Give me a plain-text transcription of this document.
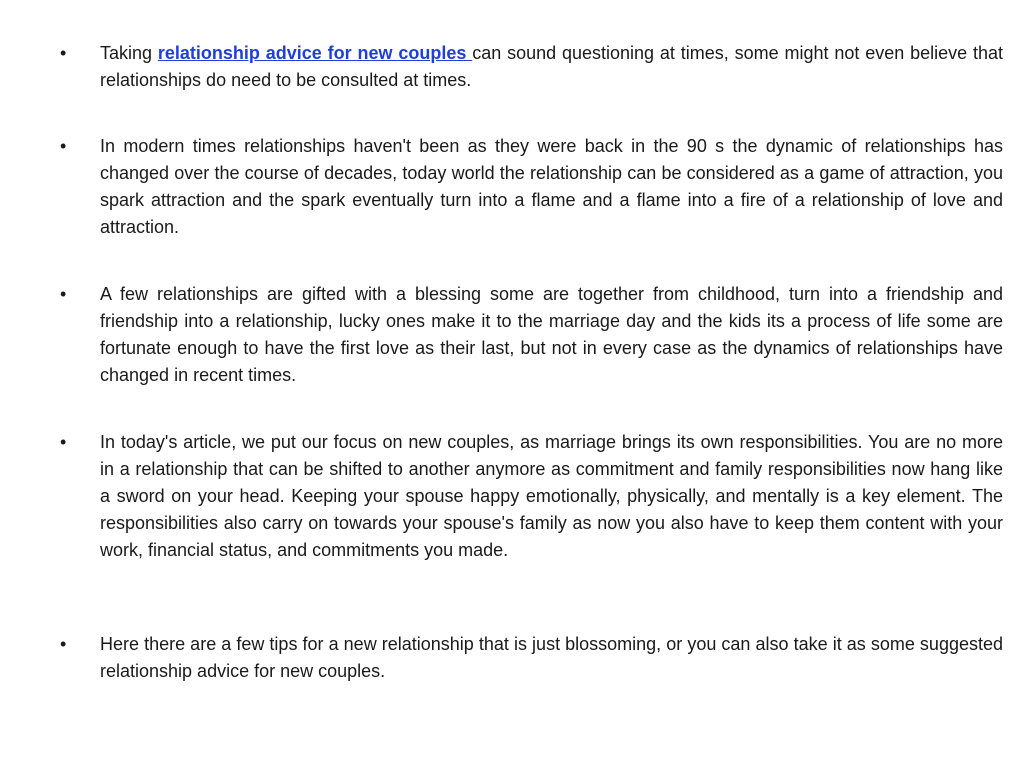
•	Taking relationship advice for new couples can sound questioning at times, some might not even believe that relationships do need to be consulted at times.
•	In modern times relationships haven't been as they were back in the 90 s the dynamic of relationships has changed over the course of decades, today world the relationship can be considered as a game of attraction, you spark attraction and the spark eventually turn into a flame and a flame into a fire of a relationship of love and attraction.
•	A few relationships are gifted with a blessing some are together from childhood, turn into a friendship and friendship into a relationship, lucky ones make it to the marriage day and the kids its a process of life some are fortunate enough to have the first love as their last, but not in every case as the dynamics of relationships have changed in recent times.
•	In today's article, we put our focus on new couples, as marriage brings its own responsibilities. You are no more in a relationship that can be shifted to another anymore as commitment and family responsibilities now hang like a sword on your head. Keeping your spouse happy emotionally, physically, and mentally is a key element. The responsibilities also carry on towards your spouse's family as now you also have to keep them content with your work, financial status, and commitments you made.
•	Here there are a few tips for a new relationship that is just blossoming, or you can also take it as some suggested relationship advice for new couples.
